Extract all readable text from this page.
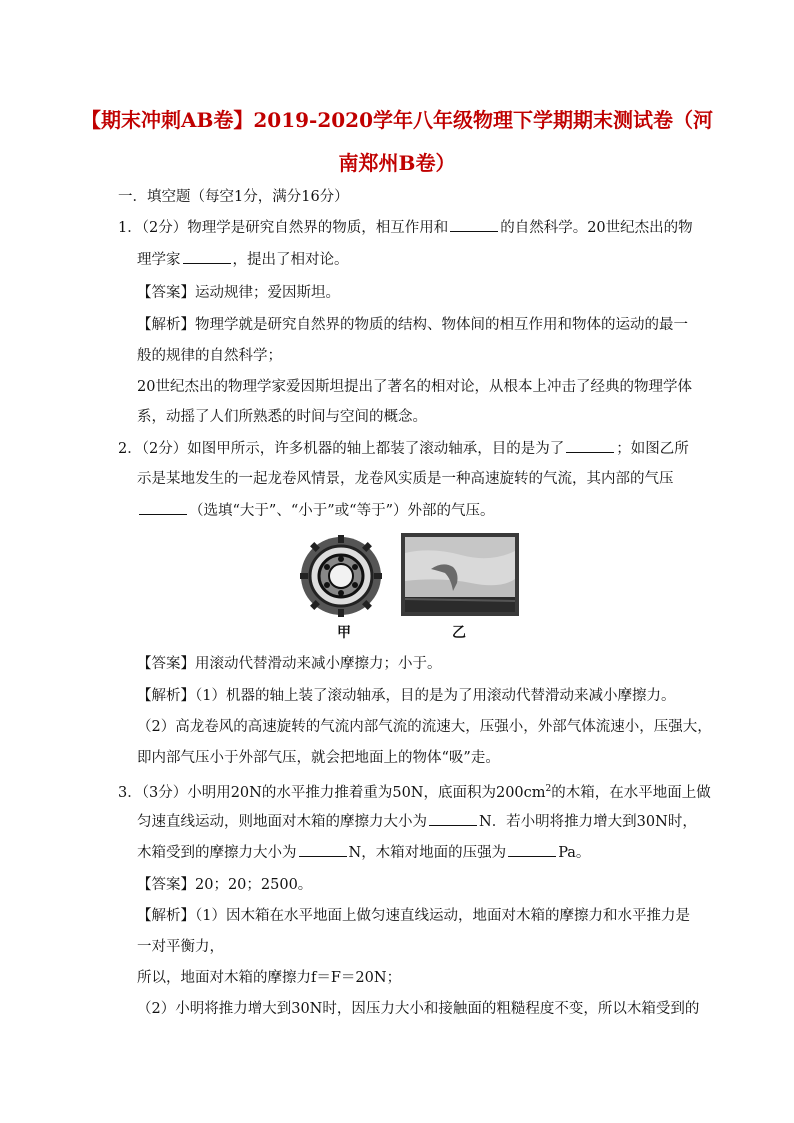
【期末冲刺AB卷】2019-2020学年八年级物理下学期期末测试卷（河
南郑州B卷）
一．填空题（每空1分，满分16分）
1．（2分）物理学是研究自然界的物质，相互作用和	的自然科学。20世纪杰出的物
理学家	，提出了相对论。
【答案】运动规律；爱因斯坦。
【解析】物理学就是研究自然界的物质的结构、物体间的相互作用和物体的运动的最一
般的规律的自然科学；
20世纪杰出的物理学家爱因斯坦提出了著名的相对论，从根本上冲击了经典的物理学体
系，动摇了人们所熟悉的时间与空间的概念。
2．（2分）如图甲所示，许多机器的轴上都装了滚动轴承，目的是为了	；如图乙所
示是某地发生的一起龙卷风情景，龙卷风实质是一种高速旋转的气流，其内部的气压
（选填“大于”、“小于”或“等于”）外部的气压。
甲	乙
【答案】用滚动代替滑动来减小摩擦力；小于。
【解析】（1）机器的轴上装了滚动轴承，目的是为了用滚动代替滑动来减小摩擦力。
（2）高龙卷风的高速旋转的气流内部气流的流速大，压强小，外部气体流速小，压强大，
即内部气压小于外部气压，就会把地面上的物体“吸”走。
3．（3分）小明用20N的水平推力推着重为50N，底面积为$200cm^2$的木箱，在水平地面上做
匀速直线运动，则地面对木箱的摩擦力大小为	N．若小明将推力增大到30N时，
木箱受到的摩擦力大小为	N，木箱对地面的压强为	Pa。
【答案】20；20；2500。
【解析】（1）因木箱在水平地面上做匀速直线运动，地面对木箱的摩擦力和水平推力是
一对平衡力，
所以，地面对木箱的摩擦力f＝F＝20N；
（2）小明将推力增大到30N时，因压力大小和接触面的粗糙程度不变，所以木箱受到的
